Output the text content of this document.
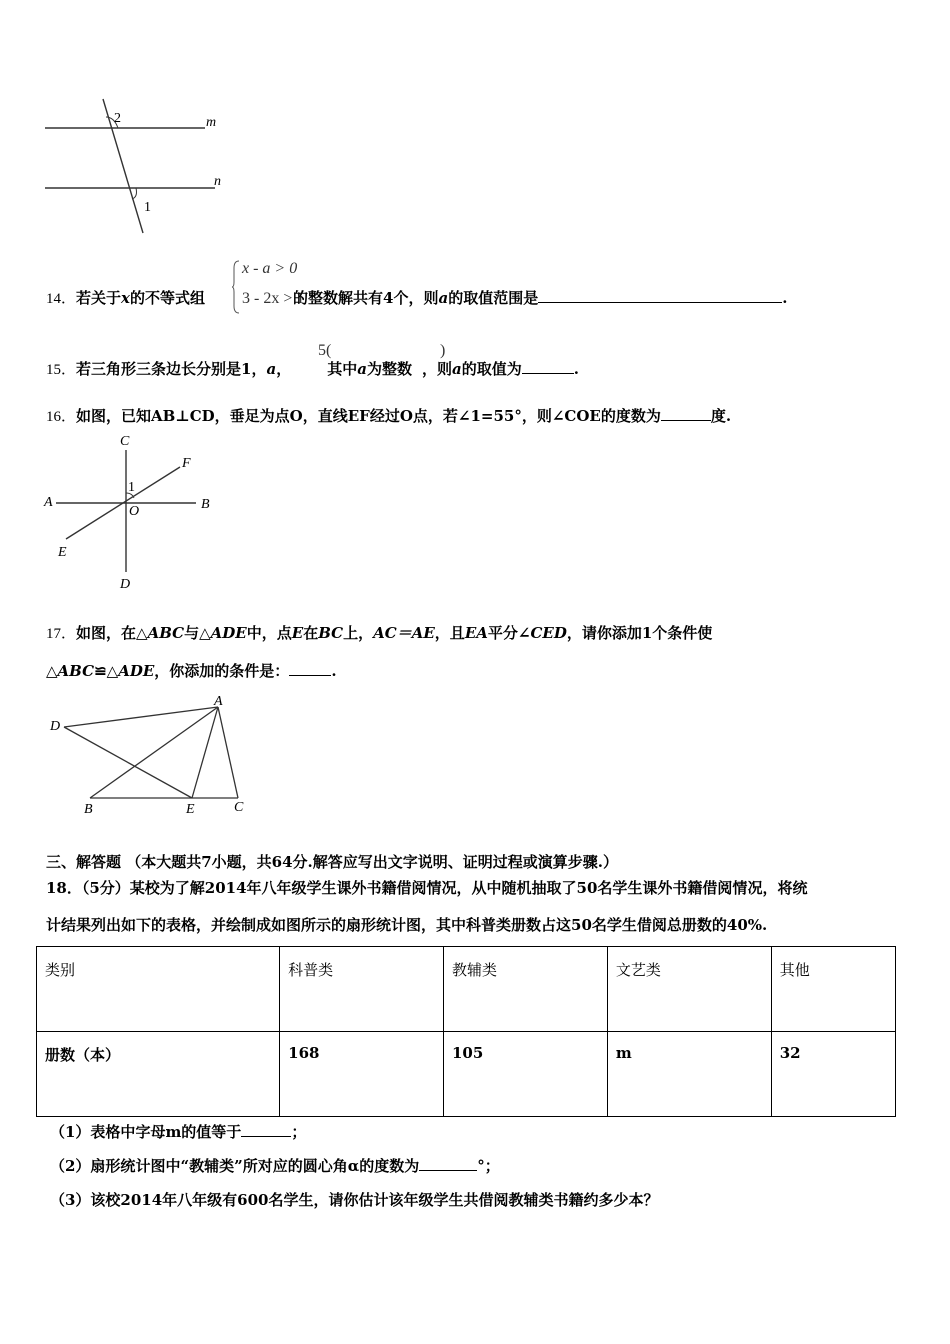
m
n
2
1
x - a > 0
3 - 2x > 1
14．若关于x的不等式组	的整数解共有4个，则a的取值范围是	.
5(	)
15．若三角形三条边长分别是1，a， 其中a为整数 ，则a的取值为	.
16．如图，已知AB⊥CD，垂足为点O，直线EF经过O点，若∠1=55°，则∠COE的度数为	度.
C
F
A	B
O
1
E
D
17．如图，在△ABC与△ADE中，点E在BC上，AC＝AE，且EA平分∠CED，请你添加1个条件使
△ABC≌△ADE，你添加的条件是：	.
D
A
B	E	C
三、解答题 （本大题共7小题，共64分.解答应写出文字说明、证明过程或演算步骤.）
18．（5分）某校为了解2014年八年级学生课外书籍借阅情况，从中随机抽取了50名学生课外书籍借阅情况，将统
计结果列出如下的表格，并绘制成如图所示的扇形统计图，其中科普类册数占这50名学生借阅总册数的40%.
类别	科普类	教辅类	文艺类	其他
册数（本）	168	105	m	32
（1）表格中字母m的值等于	；
（2）扇形统计图中“教辅类”所对应的圆心角α的度数为	°；
（3）该校2014年八年级有600名学生，请你估计该年级学生共借阅教辅类书籍约多少本？
